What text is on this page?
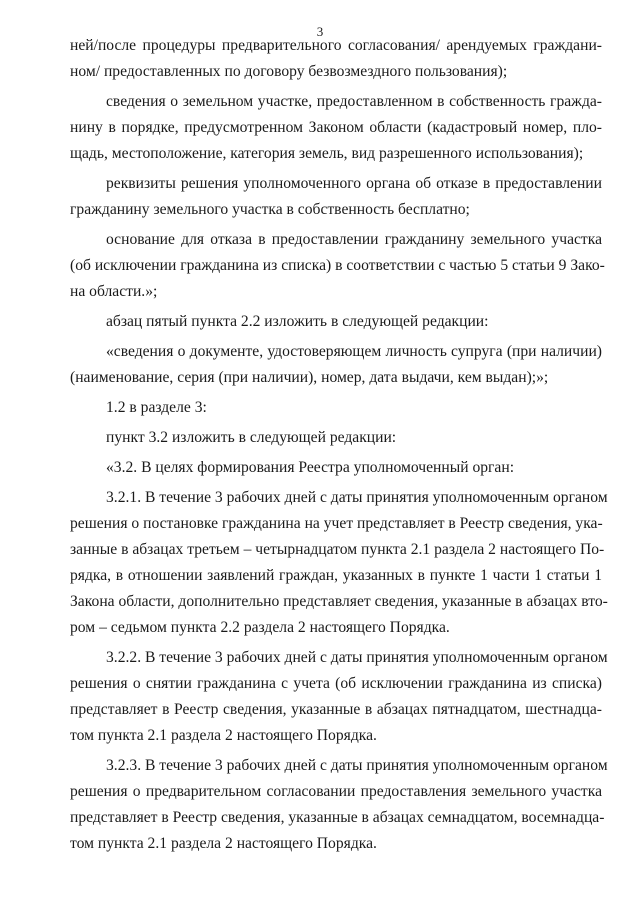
3
ней/после процедуры предварительного согласования/ арендуемых граждани-
ном/ предоставленных по договору безвозмездного пользования);
сведения о земельном участке, предоставленном в собственность гражда-
нину в порядке, предусмотренном Законом области (кадастровый номер, пло-
щадь, местоположение, категория земель, вид разрешенного использования);
реквизиты решения уполномоченного органа об отказе в предоставлении
гражданину земельного участка в собственность бесплатно;
основание для отказа в предоставлении гражданину земельного участка
(об исключении гражданина из списка) в соответствии с частью 5 статьи 9 Зако-
на области.»;
абзац пятый пункта 2.2 изложить в следующей редакции:
«сведения о документе, удостоверяющем личность супруга (при наличии)
(наименование, серия (при наличии), номер, дата выдачи, кем выдан);»;
1.2 в разделе 3:
пункт 3.2 изложить в следующей редакции:
«3.2. В целях формирования Реестра уполномоченный орган:
3.2.1. В течение 3 рабочих дней с даты принятия уполномоченным органом
решения о постановке гражданина на учет представляет в Реестр сведения, ука-
занные в абзацах третьем – четырнадцатом пункта 2.1 раздела 2 настоящего По-
рядка, в отношении заявлений граждан, указанных в пункте 1 части 1 статьи 1
Закона области, дополнительно представляет сведения, указанные в абзацах вто-
ром – седьмом пункта 2.2 раздела 2 настоящего Порядка.
3.2.2. В течение 3 рабочих дней с даты принятия уполномоченным органом
решения о снятии гражданина с учета (об исключении гражданина из списка)
представляет в Реестр сведения, указанные в абзацах пятнадцатом, шестнадца-
том пункта 2.1 раздела 2 настоящего Порядка.
3.2.3. В течение 3 рабочих дней с даты принятия уполномоченным органом
решения о предварительном согласовании предоставления земельного участка
представляет в Реестр сведения, указанные в абзацах семнадцатом, восемнадца-
том пункта 2.1 раздела 2 настоящего Порядка.
